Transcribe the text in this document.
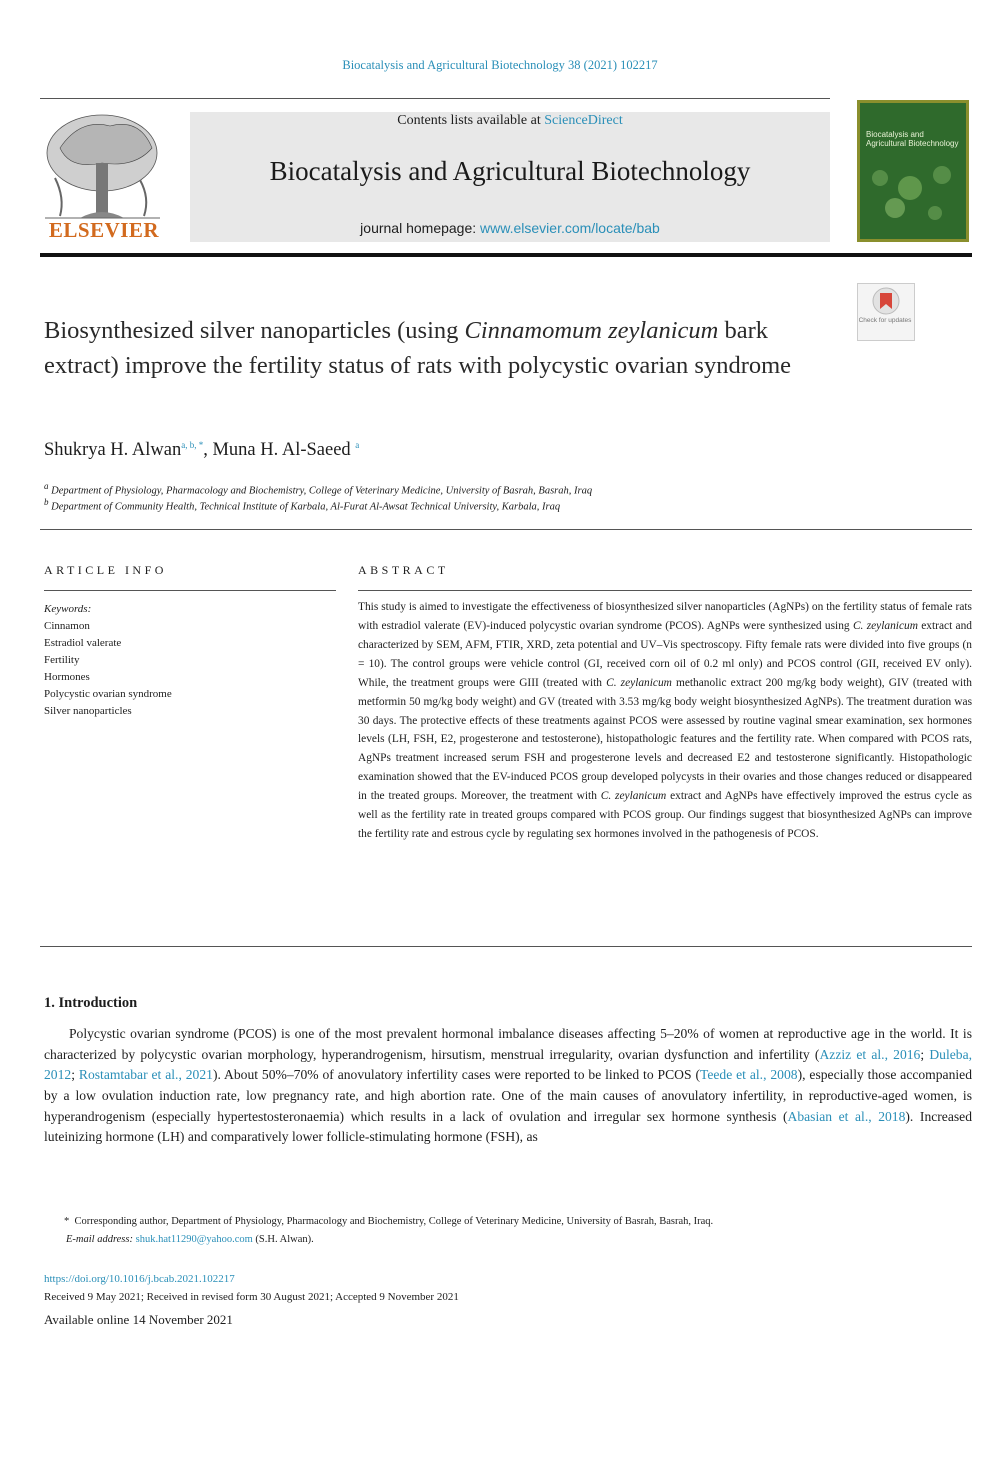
Biocatalysis and Agricultural Biotechnology 38 (2021) 102217
ELSEVIER
Contents lists available at ScienceDirect
Biocatalysis and Agricultural Biotechnology
journal homepage: www.elsevier.com/locate/bab
Biocatalysis and Agricultural Biotechnology
Check for updates
Biosynthesized silver nanoparticles (using Cinnamomum zeylanicum bark extract) improve the fertility status of rats with polycystic ovarian syndrome
Shukrya H. Alwan$^{a, b, *}$, Muna H. Al-Saeed $^a$
$^a$ Department of Physiology, Pharmacology and Biochemistry, College of Veterinary Medicine, University of Basrah, Basrah, Iraq
$^b$ Department of Community Health, Technical Institute of Karbala, Al-Furat Al-Awsat Technical University, Karbala, Iraq
ARTICLE INFO
Keywords:
Cinnamon
Estradiol valerate
Fertility
Hormones
Polycystic ovarian syndrome
Silver nanoparticles
ABSTRACT
This study is aimed to investigate the effectiveness of biosynthesized silver nanoparticles (AgNPs) on the fertility status of female rats with estradiol valerate (EV)-induced polycystic ovarian syndrome (PCOS). AgNPs were synthesized using C. zeylanicum extract and characterized by SEM, AFM, FTIR, XRD, zeta potential and UV–Vis spectroscopy. Fifty female rats were divided into five groups (n = 10). The control groups were vehicle control (GI, received corn oil of 0.2 ml only) and PCOS control (GII, received EV only). While, the treatment groups were GIII (treated with C. zeylanicum methanolic extract 200 mg/kg body weight), GIV (treated with metformin 50 mg/kg body weight) and GV (treated with 3.53 mg/kg body weight biosynthesized AgNPs). The treatment duration was 30 days. The protective effects of these treatments against PCOS were assessed by routine vaginal smear examination, sex hormones levels (LH, FSH, E2, progesterone and testosterone), histopathologic features and the fertility rate. When compared with PCOS rats, AgNPs treatment increased serum FSH and progesterone levels and decreased E2 and testosterone significantly. Histopathologic examination showed that the EV-induced PCOS group developed polycysts in their ovaries and those changes reduced or disappeared in the treated groups. Moreover, the treatment with C. zeylanicum extract and AgNPs have effectively improved the estrus cycle as well as the fertility rate in treated groups compared with PCOS group. Our findings suggest that biosynthesized AgNPs can improve the fertility rate and estrous cycle by regulating sex hormones involved in the pathogenesis of PCOS.
1. Introduction
Polycystic ovarian syndrome (PCOS) is one of the most prevalent hormonal imbalance diseases affecting 5–20% of women at reproductive age in the world. It is characterized by polycystic ovarian morphology, hyperandrogenism, hirsutism, menstrual irregularity, ovarian dysfunction and infertility (Azziz et al., 2016; Duleba, 2012; Rostamtabar et al., 2021). About 50%–70% of anovulatory infertility cases were reported to be linked to PCOS (Teede et al., 2008), especially those accompanied by a low ovulation induction rate, low pregnancy rate, and high abortion rate. One of the main causes of anovulatory infertility, in reproductive-aged women, is hyperandrogenism (especially hypertestosteronaemia) which results in a lack of ovulation and irregular sex hormone synthesis (Abasian et al., 2018). Increased luteinizing hormone (LH) and comparatively lower follicle-stimulating hormone (FSH), as
* Corresponding author, Department of Physiology, Pharmacology and Biochemistry, College of Veterinary Medicine, University of Basrah, Basrah, Iraq.
E-mail address: shuk.hat11290@yahoo.com (S.H. Alwan).
https://doi.org/10.1016/j.bcab.2021.102217
Received 9 May 2021; Received in revised form 30 August 2021; Accepted 9 November 2021
Available online 14 November 2021
